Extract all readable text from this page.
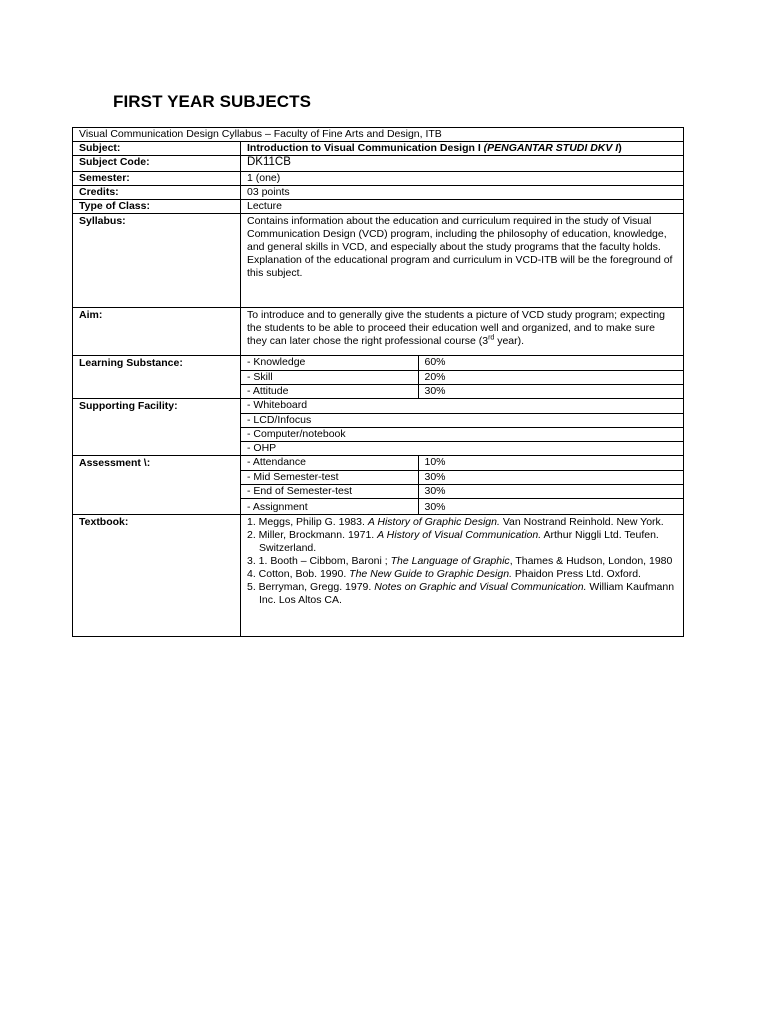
FIRST YEAR SUBJECTS
Visual Communication Design Cyllabus – Faculty of Fine Arts and Design, ITB
Subject:	Introduction to Visual Communication Design I (PENGANTAR STUDI DKV I)
Subject Code:	DK11CB
Semester:	1 (one)
Credits:	03 points
Type of Class:	Lecture
Syllabus:	Contains information about the education and curriculum required in the study of Visual Communication Design (VCD) program, including the philosophy of education, knowledge, and general skills in VCD, and especially about the study programs that the faculty holds.

Explanation of the educational program and curriculum in VCD-ITB will be the foreground of this subject.

Aim:	To introduce and to generally give the students a picture of VCD study program; expecting the students to be able to proceed their education well and organized, and to make sure they can later chose the right professional course (3rd year).
Learning Substance:		- Knowledge	60%
- Skill	20%
- Attitude	30%

Supporting Facility:		- Whiteboard
- LCD/Infocus
- Computer/notebook
- OHP

Assessment \:		- Attendance	10%
- Mid Semester-test	30%
- End of Semester-test	30%
- Assignment	30%

Textbook:	1. Meggs, Philip G. 1983. A History of Graphic Design. Van Nostrand Reinhold. New York.
2. Miller, Brockmann. 1971. A History of Visual Communication. Arthur Niggli Ltd. Teufen. Switzerland.
3. 1. Booth – Cibbom, Baroni ; The Language of Graphic, Thames & Hudson, London, 1980
4. Cotton, Bob. 1990. The New Guide to Graphic Design. Phaidon Press Ltd. Oxford.
5. Berryman, Gregg. 1979. Notes on Graphic and Visual Communication. William Kaufmann Inc. Los Altos CA.
